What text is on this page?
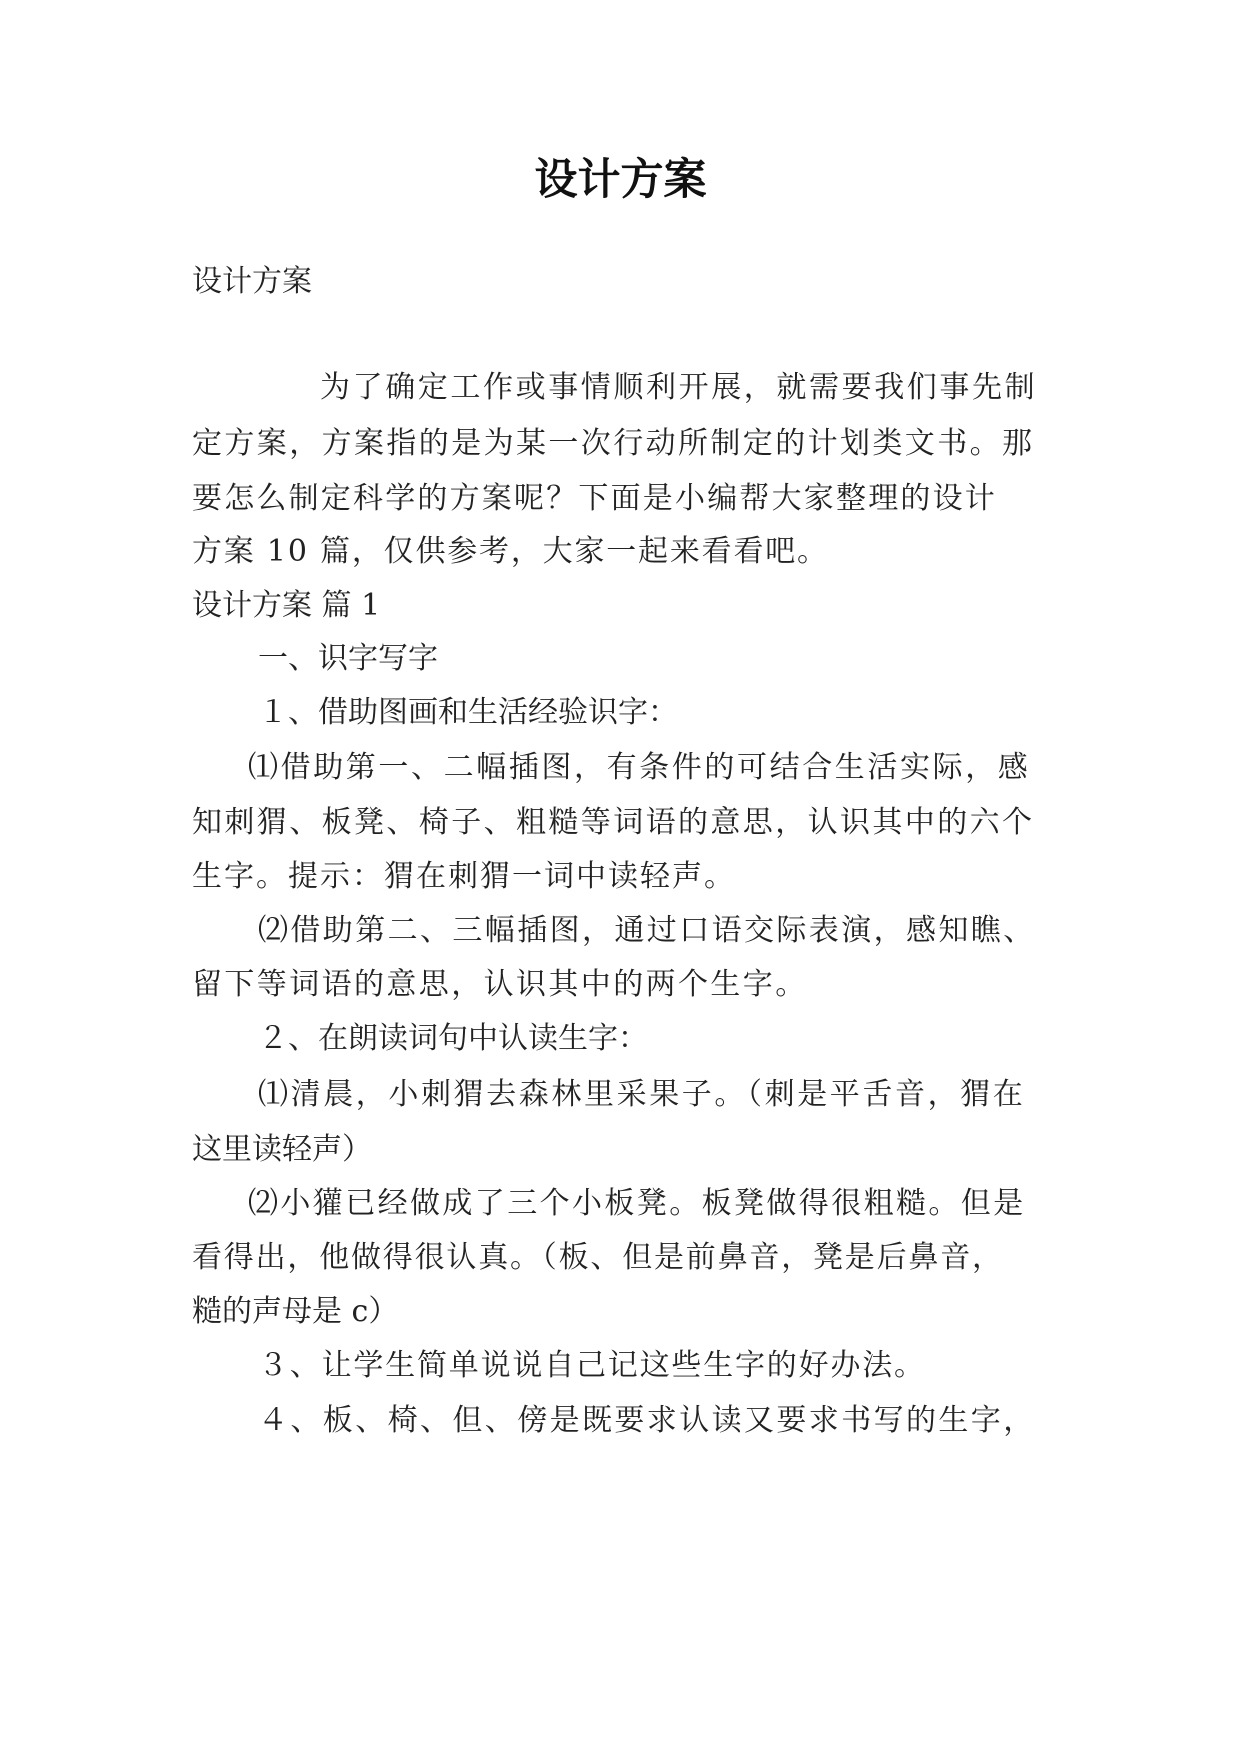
设计方案
设计方案
为了确定工作或事情顺利开展，就需要我们事先制
定方案，方案指的是为某一次行动所制定的计划类文书。那
要怎么制定科学的方案呢？下面是小编帮大家整理的设计
方案 10 篇，仅供参考，大家一起来看看吧。
设计方案 篇 1
一、识字写字
１、借助图画和生活经验识字：
⑴借助第一、二幅插图，有条件的可结合生活实际，感
知刺猬、板凳、椅子、粗糙等词语的意思，认识其中的六个
生字。提示：猬在刺猬一词中读轻声。
⑵借助第二、三幅插图，通过口语交际表演，感知瞧、
留下等词语的意思，认识其中的两个生字。
２、在朗读词句中认读生字：
⑴清晨，小刺猬去森林里采果子。（刺是平舌音，猬在
这里读轻声）
⑵小獾已经做成了三个小板凳。板凳做得很粗糙。但是
看得出，他做得很认真。（板、但是前鼻音，凳是后鼻音，
糙的声母是 c）
３、让学生简单说说自己记这些生字的好办法。
４、板、椅、但、傍是既要求认读又要求书写的生字，
